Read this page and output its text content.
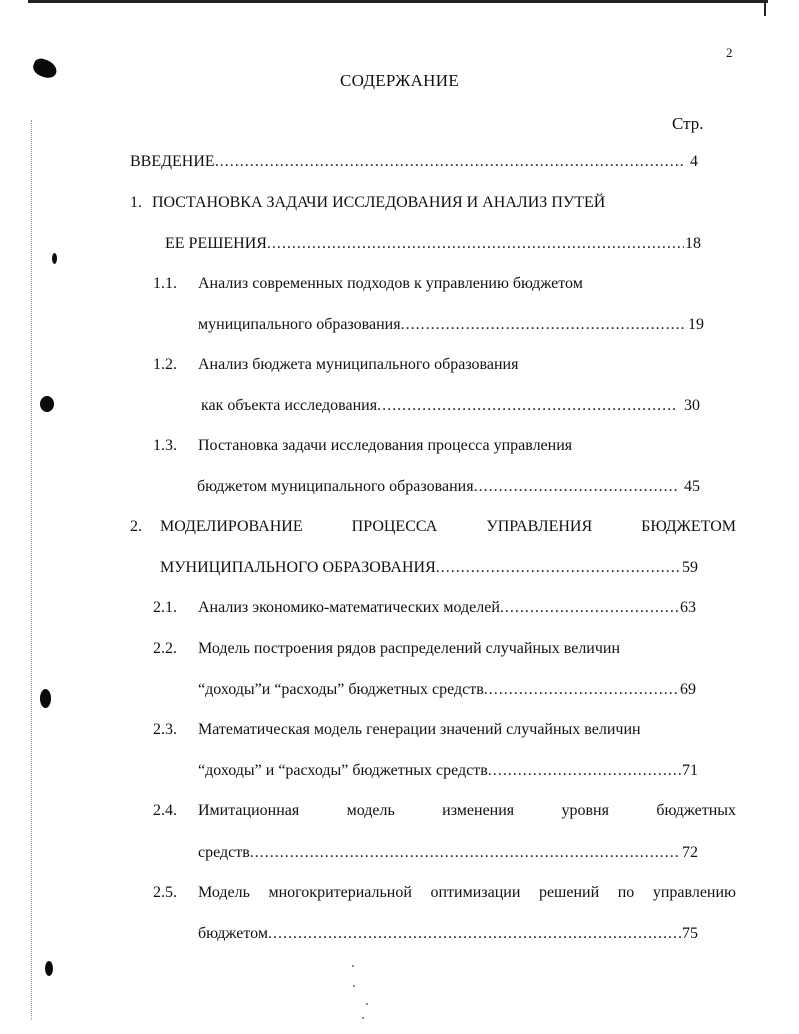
2
СОДЕРЖАНИЕ
Стр.
ВВЕДЕНИЕ .....	4
1. ПОСТАНОВКА ЗАДАЧИ ИССЛЕДОВАНИЯ И АНАЛИЗ ПУТЕЙ
ЕЕ РЕШЕНИЯ .....	18
1.1. Анализ современных подходов к управлению бюджетом
муниципального образования .....	19
1.2. Анализ бюджета муниципального образования
как объекта исследования .....	30
1.3. Постановка задачи исследования процесса управления
бюджетом муниципального образования .....	45
2. МОДЕЛИРОВАНИЕ	ПРОЦЕССА	УПРАВЛЕНИЯ	БЮДЖЕТОМ
МУНИЦИПАЛЬНОГО ОБРАЗОВАНИЯ .....	59
2.1. Анализ экономико-математических моделей .....	63
2.2. Модель построения рядов распределений случайных величин
“доходы”и “расходы” бюджетных средств .....	69
2.3. Математическая модель генерации значений случайных величин
“доходы” и “расходы” бюджетных средств .....	71
2.4. Имитационная	модель	изменения	уровня	бюджетных
средств .....	72
2.5. Модель многокритериальной оптимизации решений по управлению
бюджетом .....	75
